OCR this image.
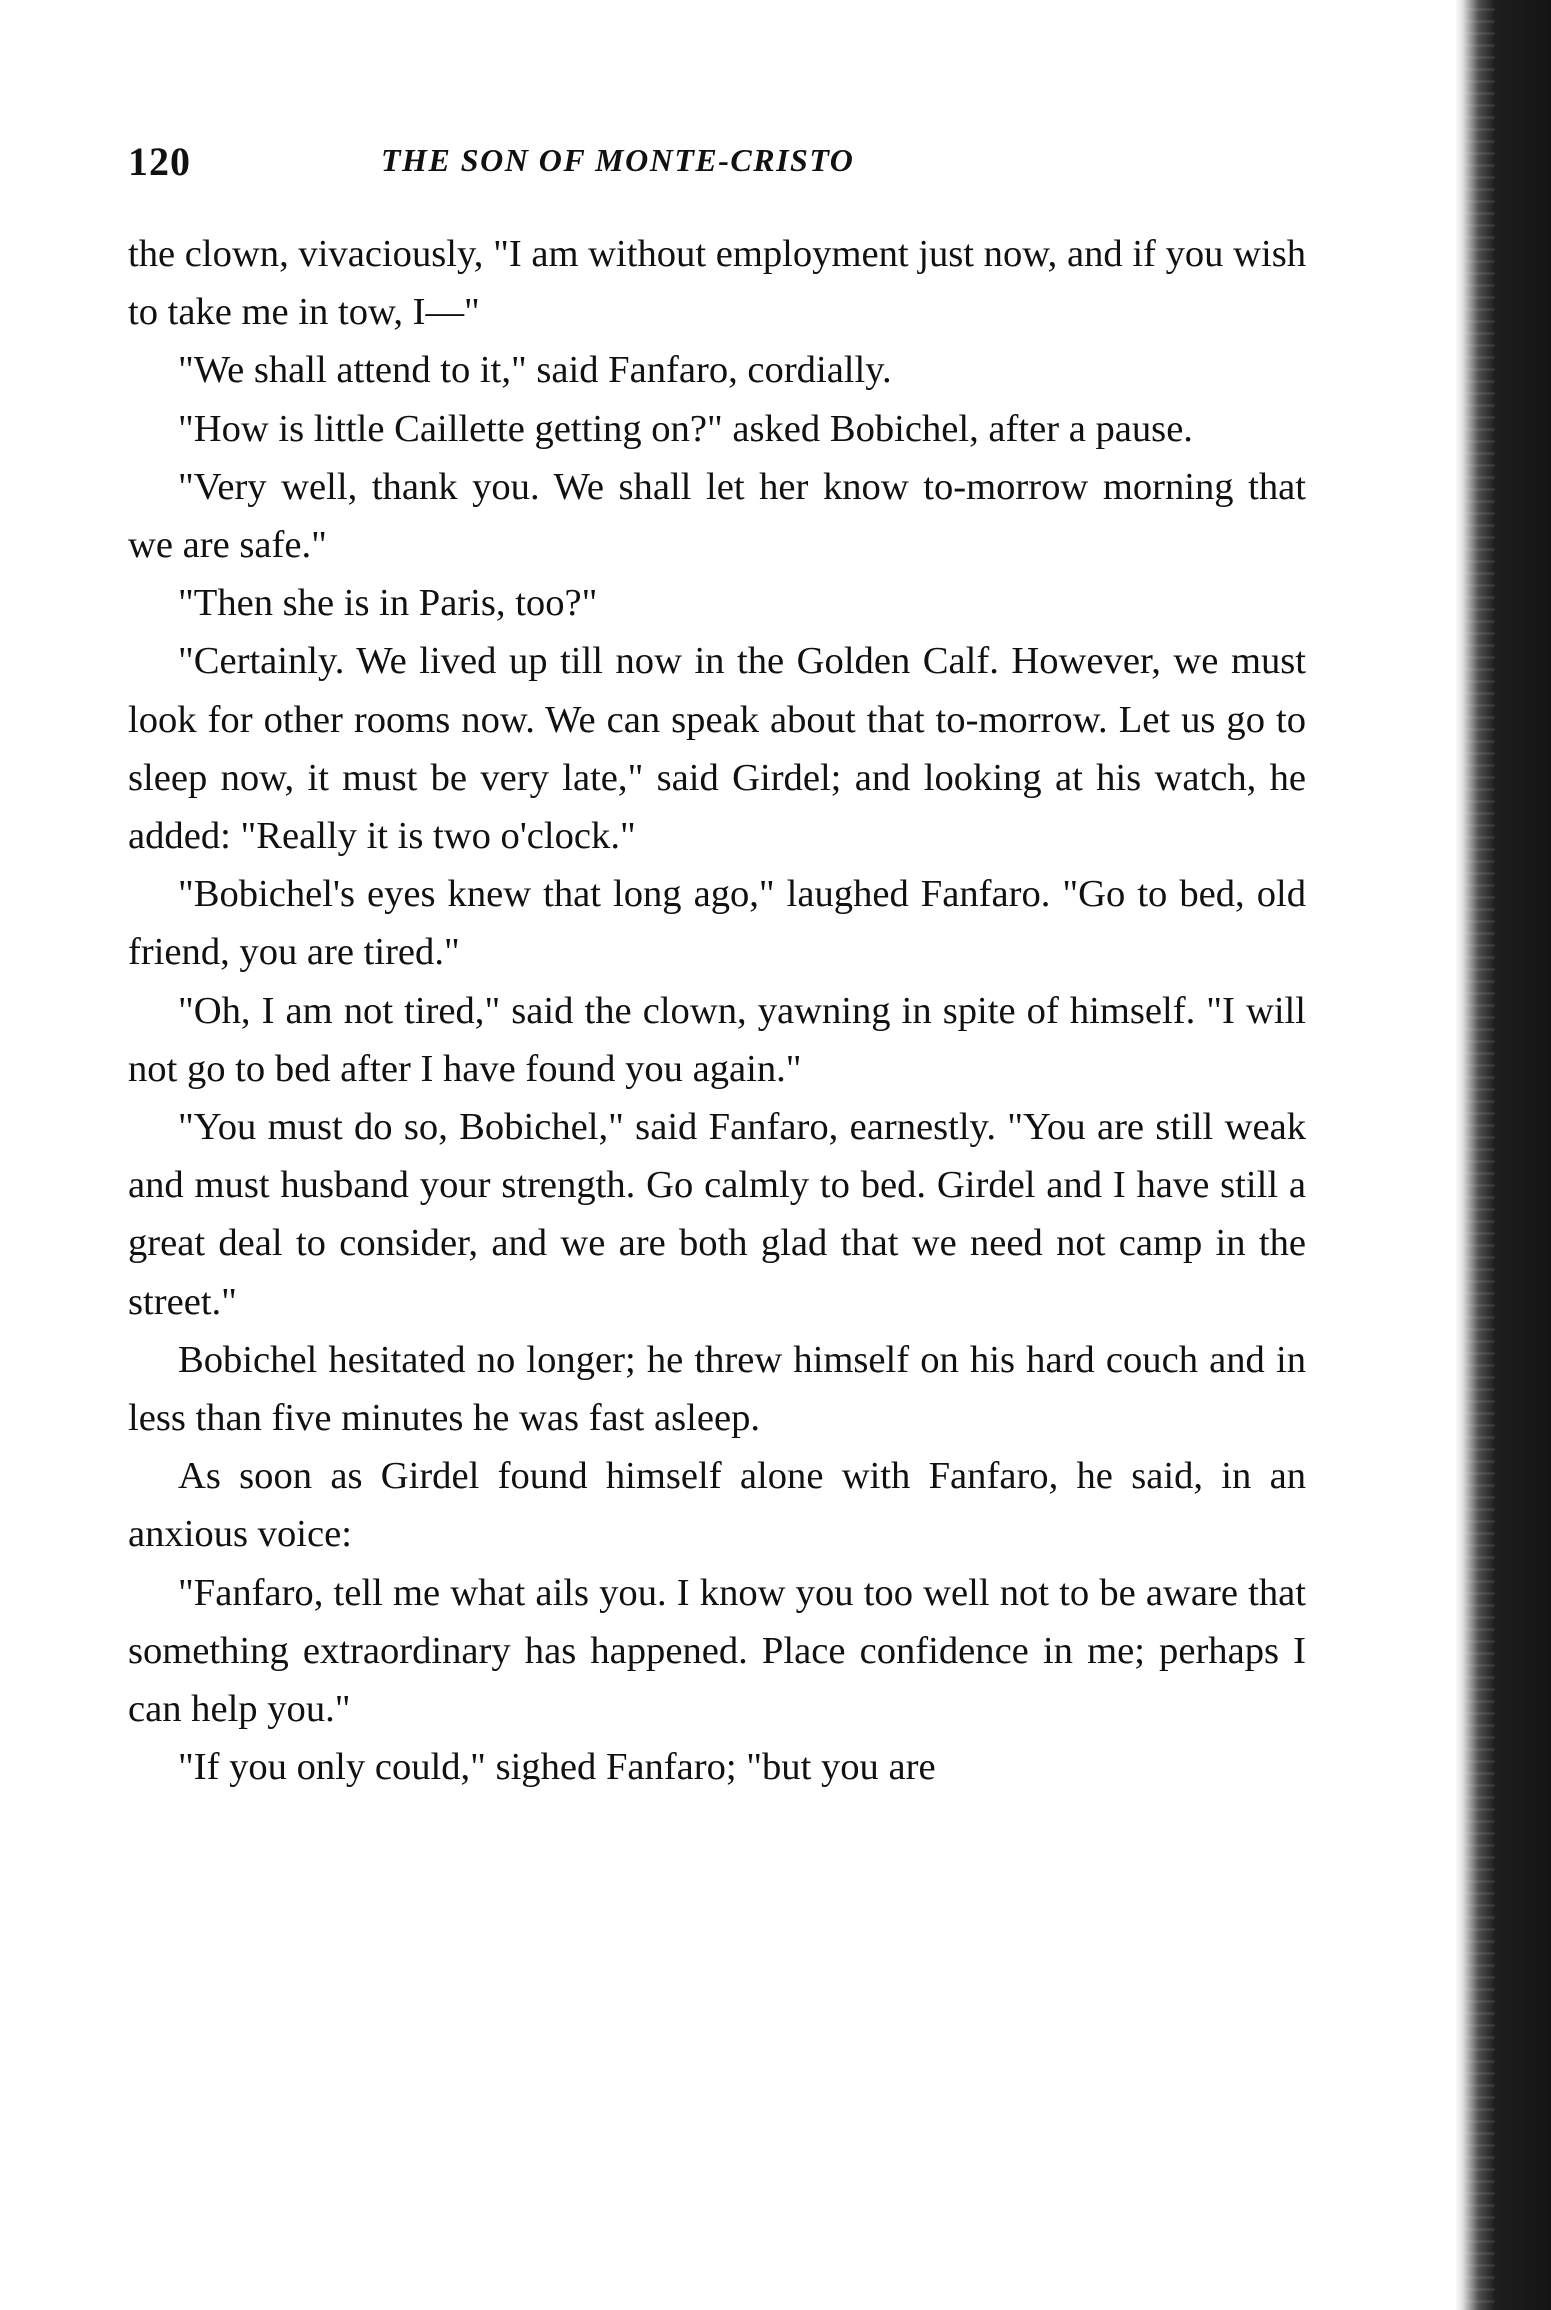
120	THE SON OF MONTE-CRISTO

the clown, vivaciously, "I am without employment just now, and if you wish to take me in tow, I—"

"We shall attend to it," said Fanfaro, cordially.

"How is little Caillette getting on?" asked Bobichel, after a pause.

"Very well, thank you. We shall let her know to-morrow morning that we are safe."

"Then she is in Paris, too?"

"Certainly. We lived up till now in the Golden Calf. However, we must look for other rooms now. We can speak about that to-morrow. Let us go to sleep now, it must be very late," said Girdel; and looking at his watch, he added: "Really it is two o'clock."

"Bobichel's eyes knew that long ago," laughed Fanfaro. "Go to bed, old friend, you are tired."

"Oh, I am not tired," said the clown, yawning in spite of himself. "I will not go to bed after I have found you again."

"You must do so, Bobichel," said Fanfaro, earnestly. "You are still weak and must husband your strength. Go calmly to bed. Girdel and I have still a great deal to consider, and we are both glad that we need not camp in the street."

Bobichel hesitated no longer; he threw himself on his hard couch and in less than five minutes he was fast asleep.

As soon as Girdel found himself alone with Fanfaro, he said, in an anxious voice:

"Fanfaro, tell me what ails you. I know you too well not to be aware that something extraordinary has happened. Place confidence in me; perhaps I can help you."

"If you only could," sighed Fanfaro; "but you are
